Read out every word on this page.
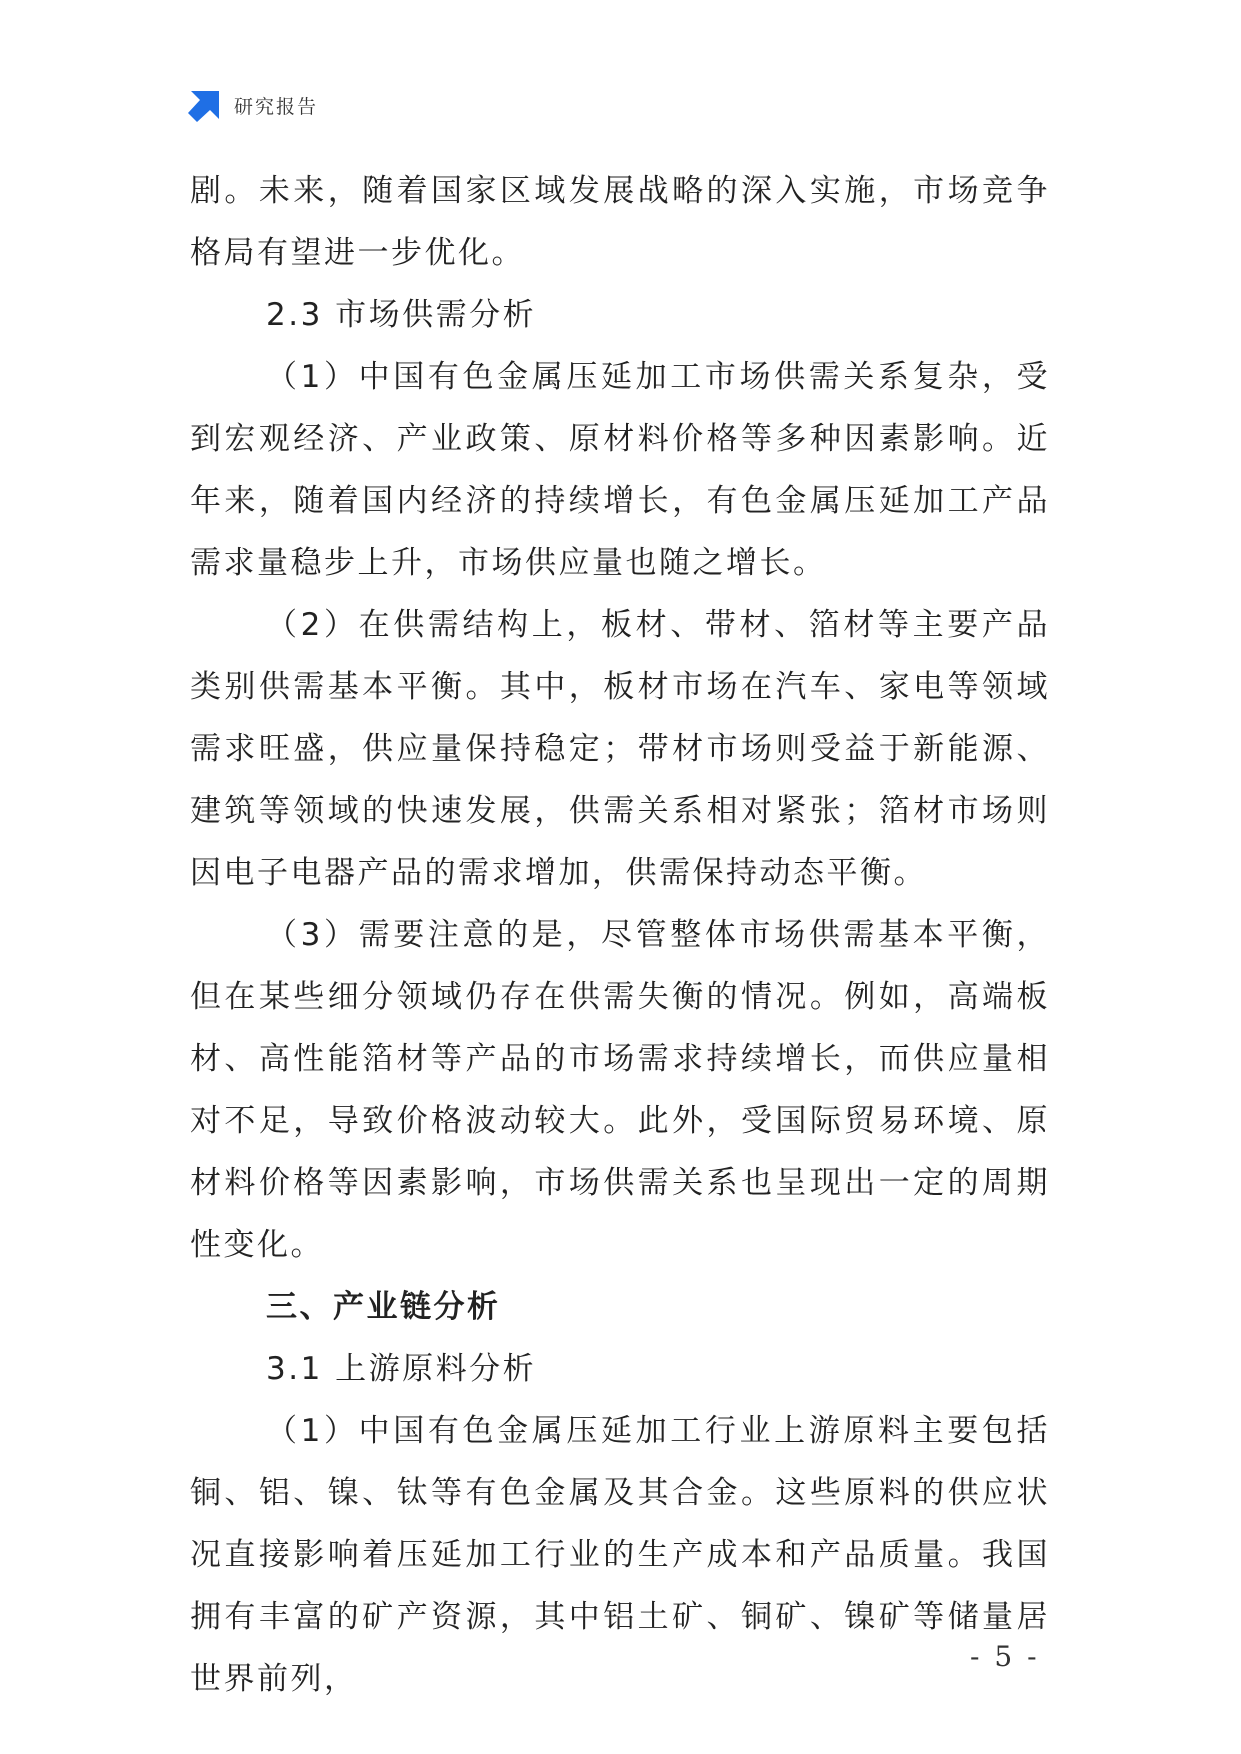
研究报告

剧。未来，随着国家区域发展战略的深入实施，市场竞争格局有望进一步优化。

2.3 市场供需分析

（1）中国有色金属压延加工市场供需关系复杂，受到宏观经济、产业政策、原材料价格等多种因素影响。近年来，随着国内经济的持续增长，有色金属压延加工产品需求量稳步上升，市场供应量也随之增长。

（2）在供需结构上，板材、带材、箔材等主要产品类别供需基本平衡。其中，板材市场在汽车、家电等领域需求旺盛，供应量保持稳定；带材市场则受益于新能源、建筑等领域的快速发展，供需关系相对紧张；箔材市场则因电子电器产品的需求增加，供需保持动态平衡。

（3）需要注意的是，尽管整体市场供需基本平衡，但在某些细分领域仍存在供需失衡的情况。例如，高端板材、高性能箔材等产品的市场需求持续增长，而供应量相对不足，导致价格波动较大。此外，受国际贸易环境、原材料价格等因素影响，市场供需关系也呈现出一定的周期性变化。

三、产业链分析

3.1 上游原料分析

（1）中国有色金属压延加工行业上游原料主要包括铜、铝、镍、钛等有色金属及其合金。这些原料的供应状况直接影响着压延加工行业的生产成本和产品质量。我国拥有丰富的矿产资源，其中铝土矿、铜矿、镍矿等储量居世界前列，

- 5 -
